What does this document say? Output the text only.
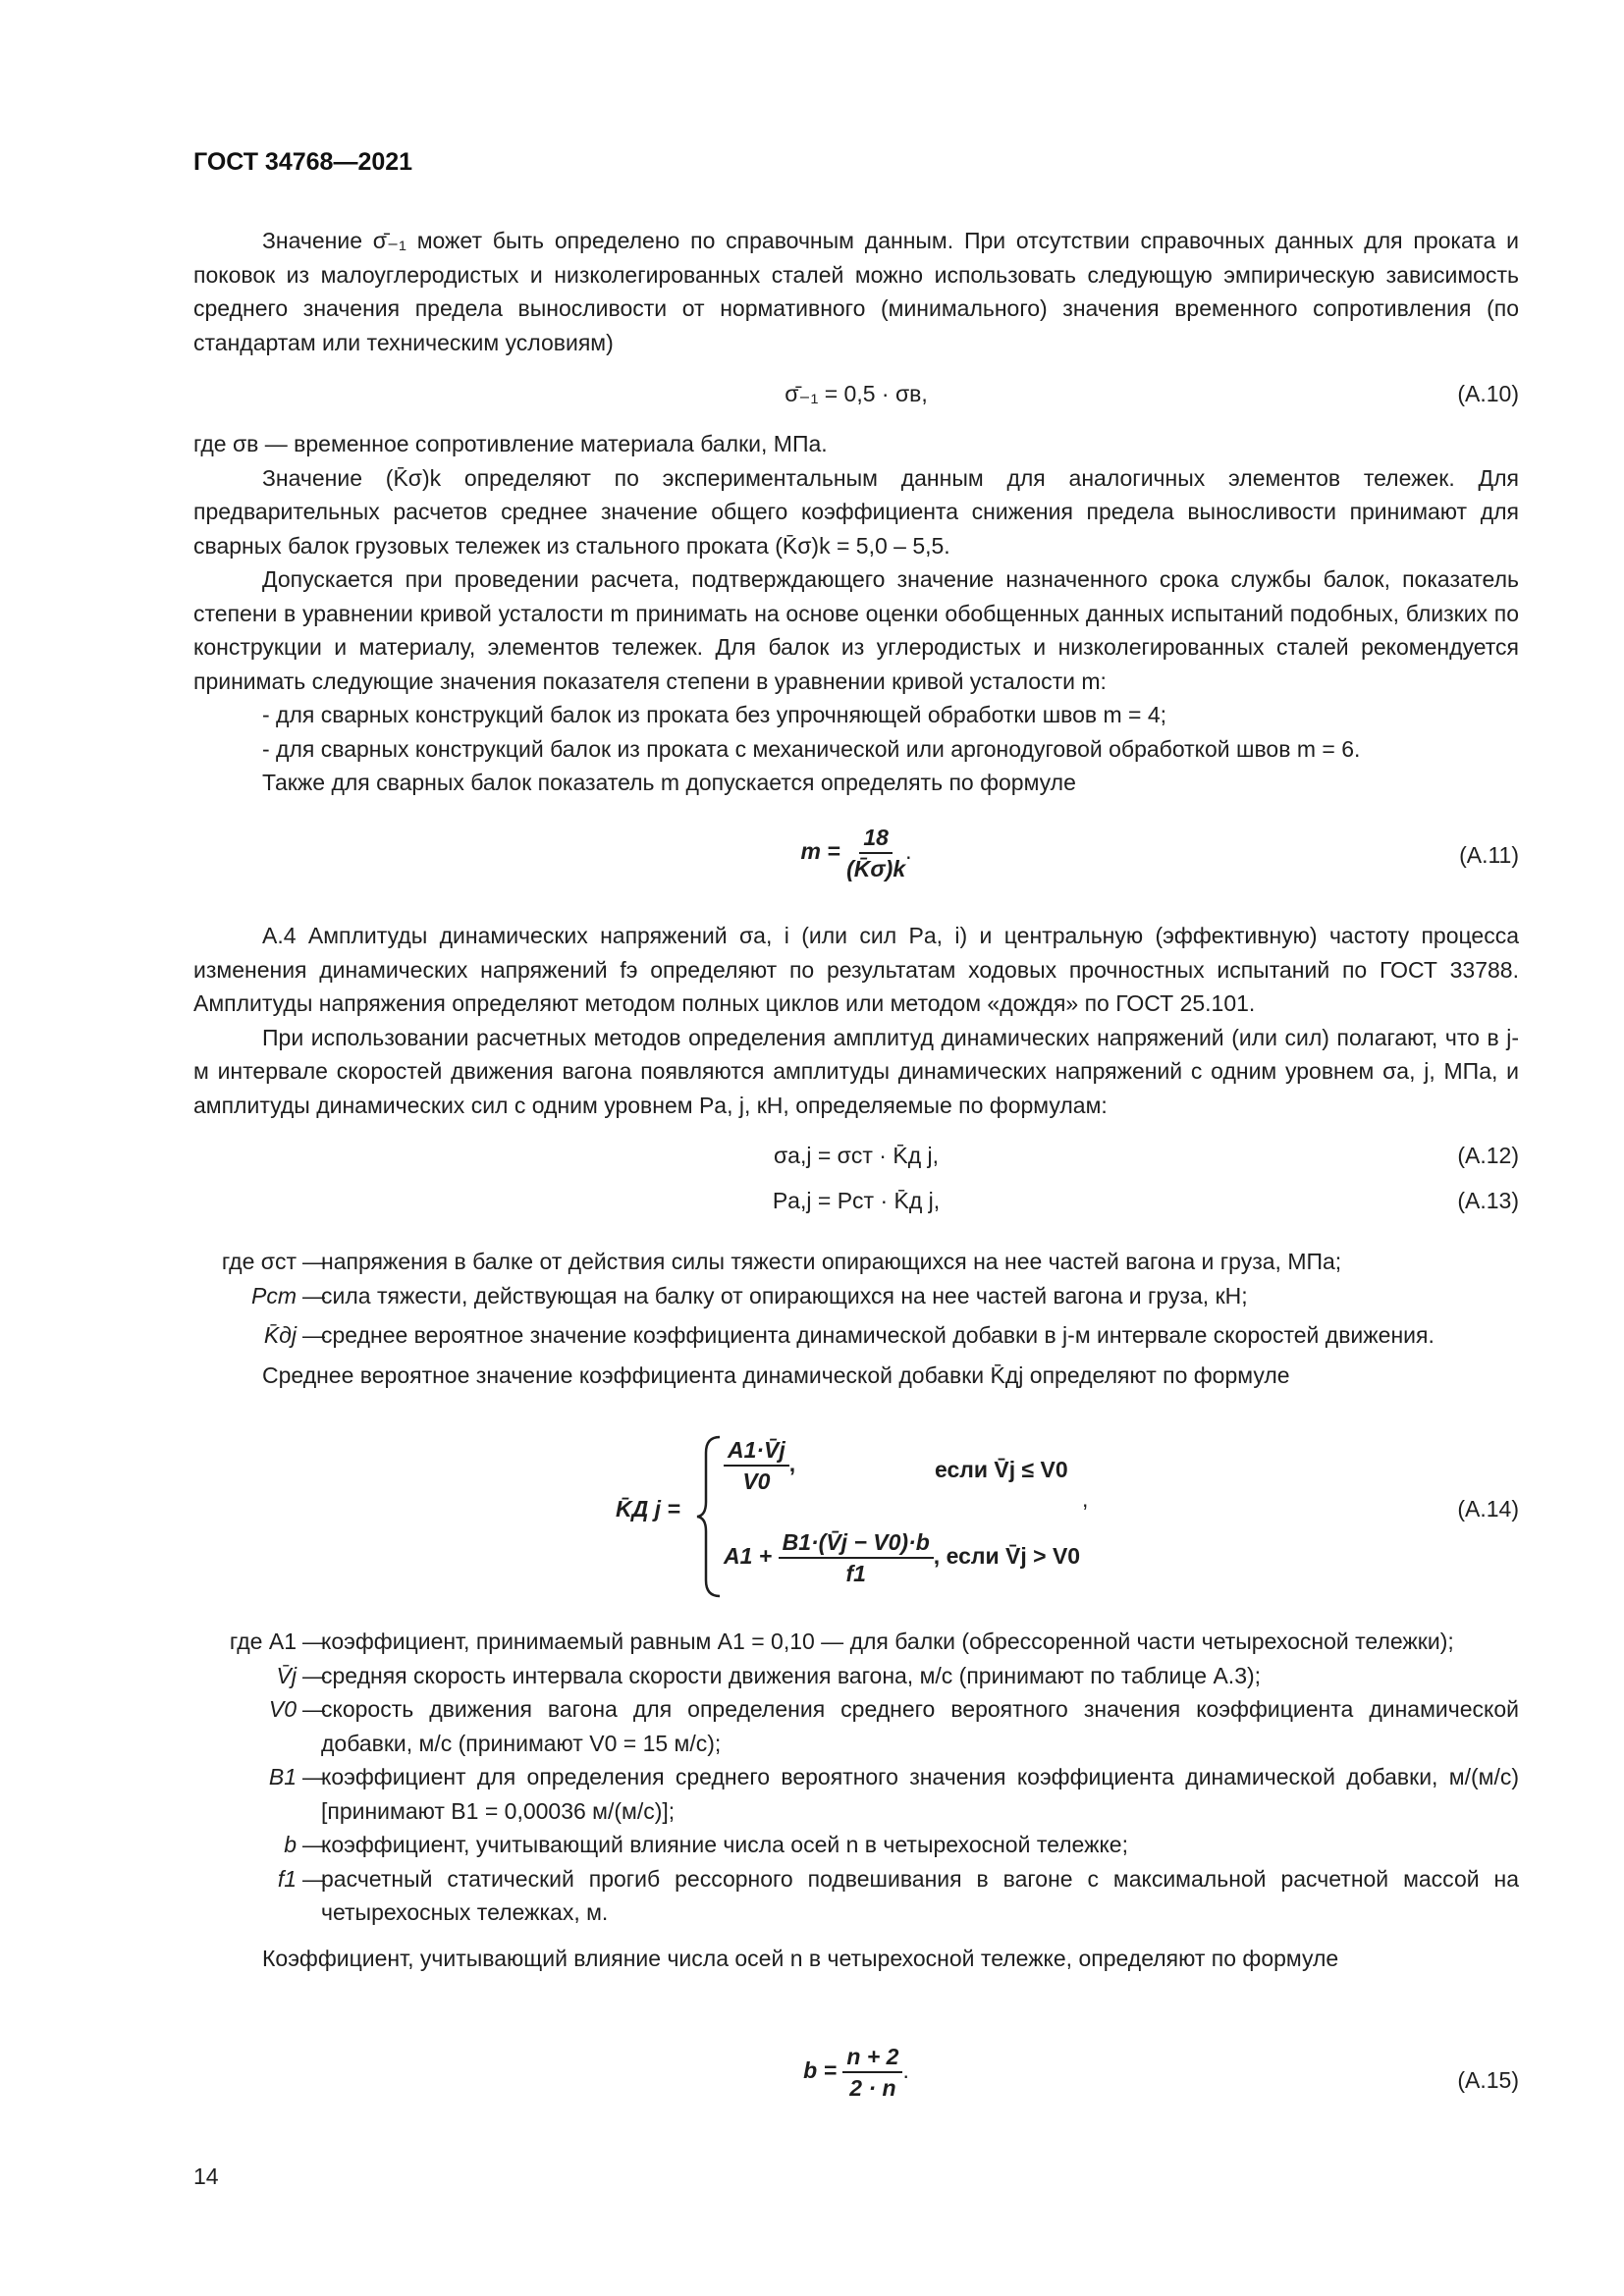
ГОСТ 34768—2021

Значение σ̄₋₁ может быть определено по справочным данным. При отсутствии справочных данных для проката и поковок из малоуглеродистых и низколегированных сталей можно использовать следующую эмпирическую зависимость среднего значения предела выносливости от нормативного (минимального) значения временного сопротивления (по стандартам или техническим условиям)

σ̄₋₁ = 0,5 · σв,	(А.10)

где σв — временное сопротивление материала балки, МПа.

Значение (K̄σ)k определяют по экспериментальным данным для аналогичных элементов тележек. Для предварительных расчетов среднее значение общего коэффициента снижения предела выносливости принимают для сварных балок грузовых тележек из стального проката (K̄σ)k = 5,0 – 5,5.

Допускается при проведении расчета, подтверждающего значение назначенного срока службы балок, показатель степени в уравнении кривой усталости m принимать на основе оценки обобщенных данных испытаний подобных, близких по конструкции и материалу, элементов тележек. Для балок из углеродистых и низколегированных сталей рекомендуется принимать следующие значения показателя степени в уравнении кривой усталости m:

- для сварных конструкций балок из проката без упрочняющей обработки швов m = 4;

- для сварных конструкций балок из проката с механической или аргонодуговой обработкой швов m = 6.

Также для сварных балок показатель m допускается определять по формуле

$m = \frac{18}{(K̄\sigma)k}$ .	(А.11)

А.4 Амплитуды динамических напряжений σa, i (или сил Pa, i) и центральную (эффективную) частоту процесса изменения динамических напряжений fэ определяют по результатам ходовых прочностных испытаний по ГОСТ 33788. Амплитуды напряжения определяют методом полных циклов или методом «дождя» по ГОСТ 25.101.

При использовании расчетных методов определения амплитуд динамических напряжений (или сил) полагают, что в j-м интервале скоростей движения вагона появляются амплитуды динамических напряжений с одним уровнем σa, j, МПа, и амплитуды динамических сил с одним уровнем Pa, j, кН, определяемые по формулам:

σa,j = σст · K̄д j,	(А.12)
Pa,j = Pст · K̄д j,	(А.13)
где σст —

напряжения в балке от действия силы тяжести опирающихся на нее частей вагона и груза, МПа;

Pст —

сила тяжести, действующая на балку от опирающихся на нее частей вагона и груза, кН;

K̄дj —

среднее вероятное значение коэффициента динамической добавки в j-м интервале скоростей движения.

Среднее вероятное значение коэффициента динамической добавки K̄дj определяют по формуле

K̄Д j =
$\frac{A1\cdot V̄j}{V0}$ ,	если V̄j ≤ V0
$A1 + \frac{B1\cdot(V̄j - V0)\cdot b}{f1}$ , если V̄j > V0
,	(А.14)
где A1 —

коэффициент, принимаемый равным A1 = 0,10 — для балки (обрессоренной части четырехосной тележки);

V̄j —

средняя скорость интервала скорости движения вагона, м/с (принимают по таблице А.3);

V0 —

скорость движения вагона для определения среднего вероятного значения коэффициента динамической добавки, м/с (принимают V0 = 15 м/с);

B1 —

коэффициент для определения среднего вероятного значения коэффициента динамической добавки, м/(м/с) [принимают B1 = 0,00036 м/(м/с)];

b —

коэффициент, учитывающий влияние числа осей n в четырехосной тележке;

f1 —

расчетный статический прогиб рессорного подвешивания в вагоне с максимальной расчетной массой на четырехосных тележках, м.

Коэффициент, учитывающий влияние числа осей n в четырехосной тележке, определяют по формуле

$b = \frac{n + 2}{2 \cdot n}$ .	(А.15)
14
